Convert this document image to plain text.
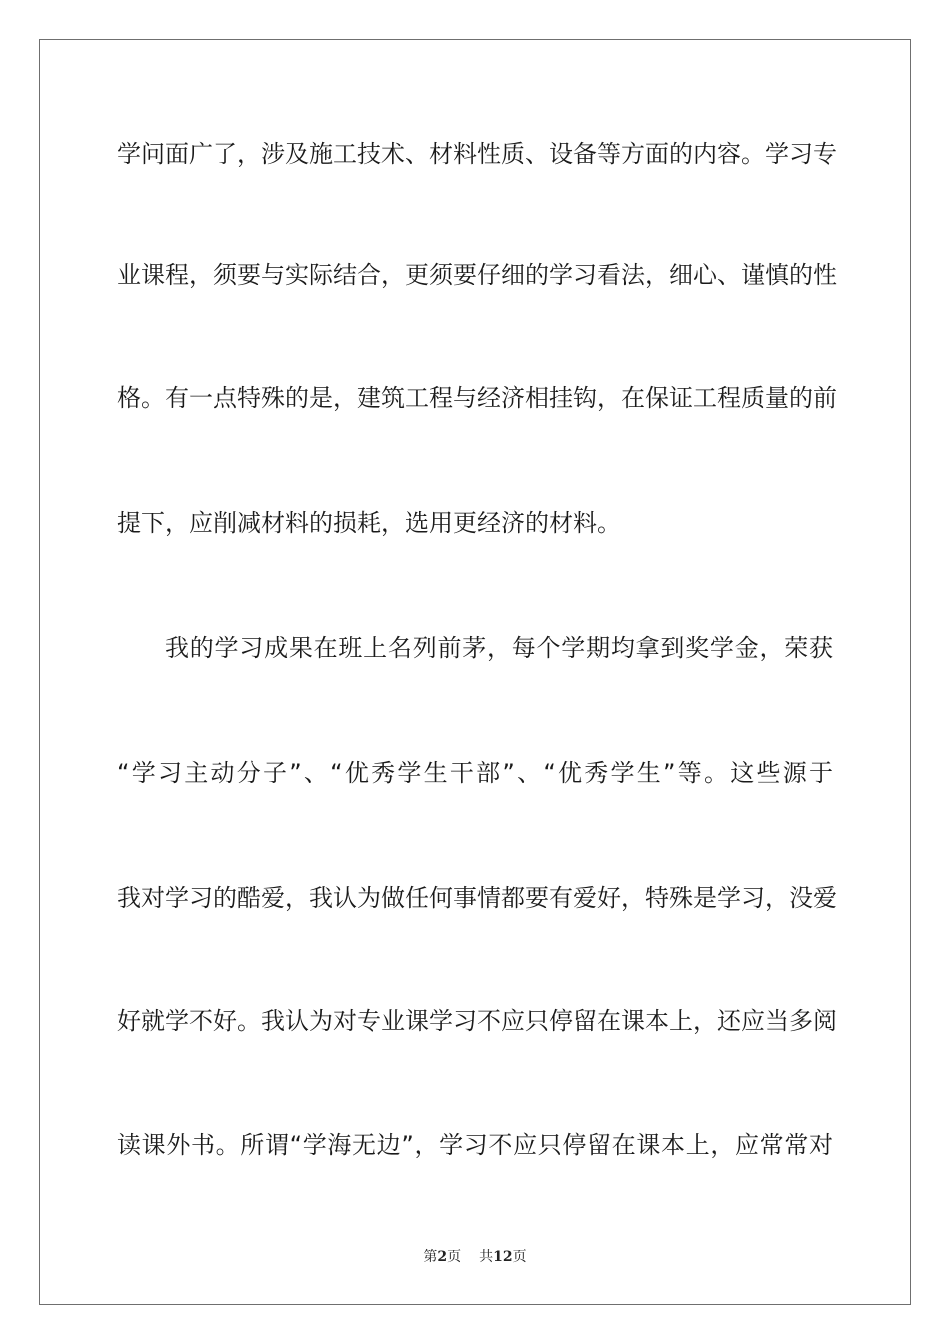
学问面广了，涉及施工技术、材料性质、设备等方面的内容。学习专
业课程，须要与实际结合，更须要仔细的学习看法，细心、谨慎的性
格。有一点特殊的是，建筑工程与经济相挂钩，在保证工程质量的前
提下，应削减材料的损耗，选用更经济的材料。
我的学习成果在班上名列前茅，每个学期均拿到奖学金，荣获
“学习主动分子”、“优秀学生干部”、“优秀学生”等。这些源于
我对学习的酷爱，我认为做任何事情都要有爱好，特殊是学习，没爱
好就学不好。我认为对专业课学习不应只停留在课本上，还应当多阅
读课外书。所谓“学海无边”，学习不应只停留在课本上，应常常对
第2页 共12页
